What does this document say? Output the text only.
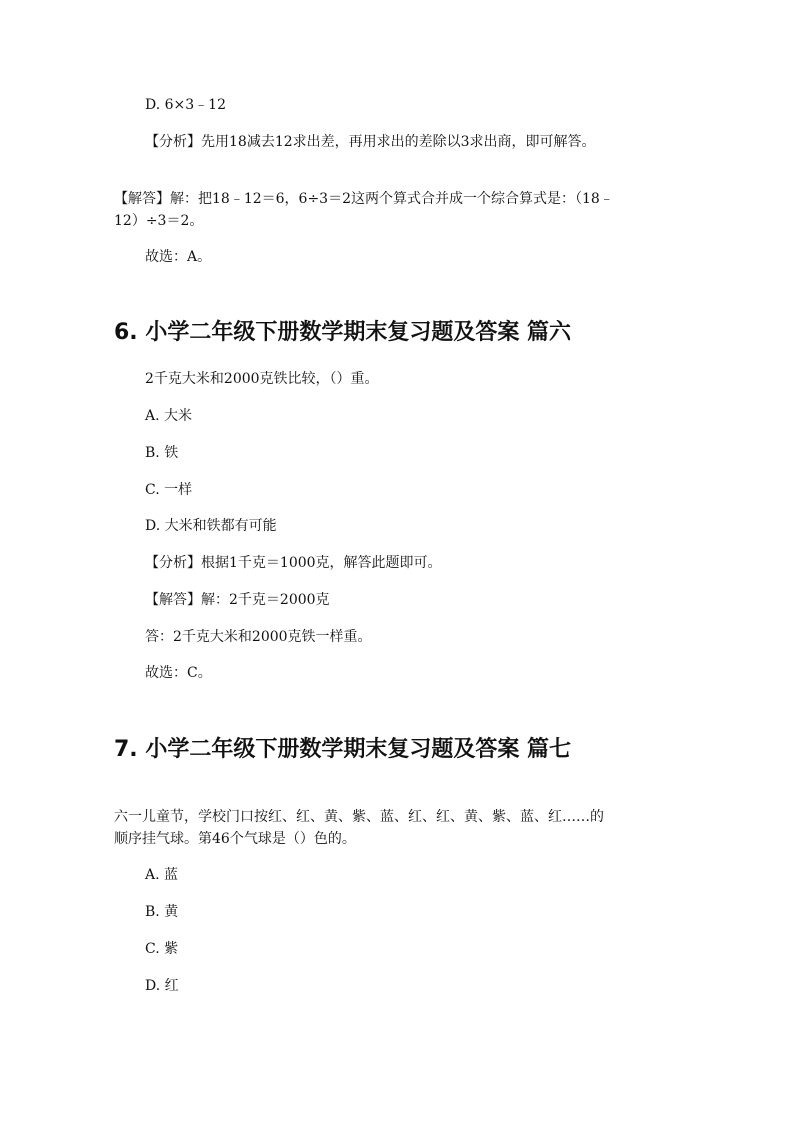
D. 6×3﹣12
【分析】先用18减去12求出差，再用求出的差除以3求出商，即可解答。
【解答】解：把18﹣12＝6，6÷3＝2这两个算式合并成一个综合算式是：（18﹣
12）÷3＝2。
故选：A。
6. 小学二年级下册数学期末复习题及答案 篇六
2千克大米和2000克铁比较，（）重。
A. 大米
B. 铁
C. 一样
D. 大米和铁都有可能
【分析】根据1千克＝1000克，解答此题即可。
【解答】解：2千克＝2000克
答：2千克大米和2000克铁一样重。
故选：C。
7. 小学二年级下册数学期末复习题及答案 篇七
六一儿童节，学校门口按红、红、黄、紫、蓝、红、红、黄、紫、蓝、红……的
顺序挂气球。第46个气球是（）色的。
A. 蓝
B. 黄
C. 紫
D. 红
